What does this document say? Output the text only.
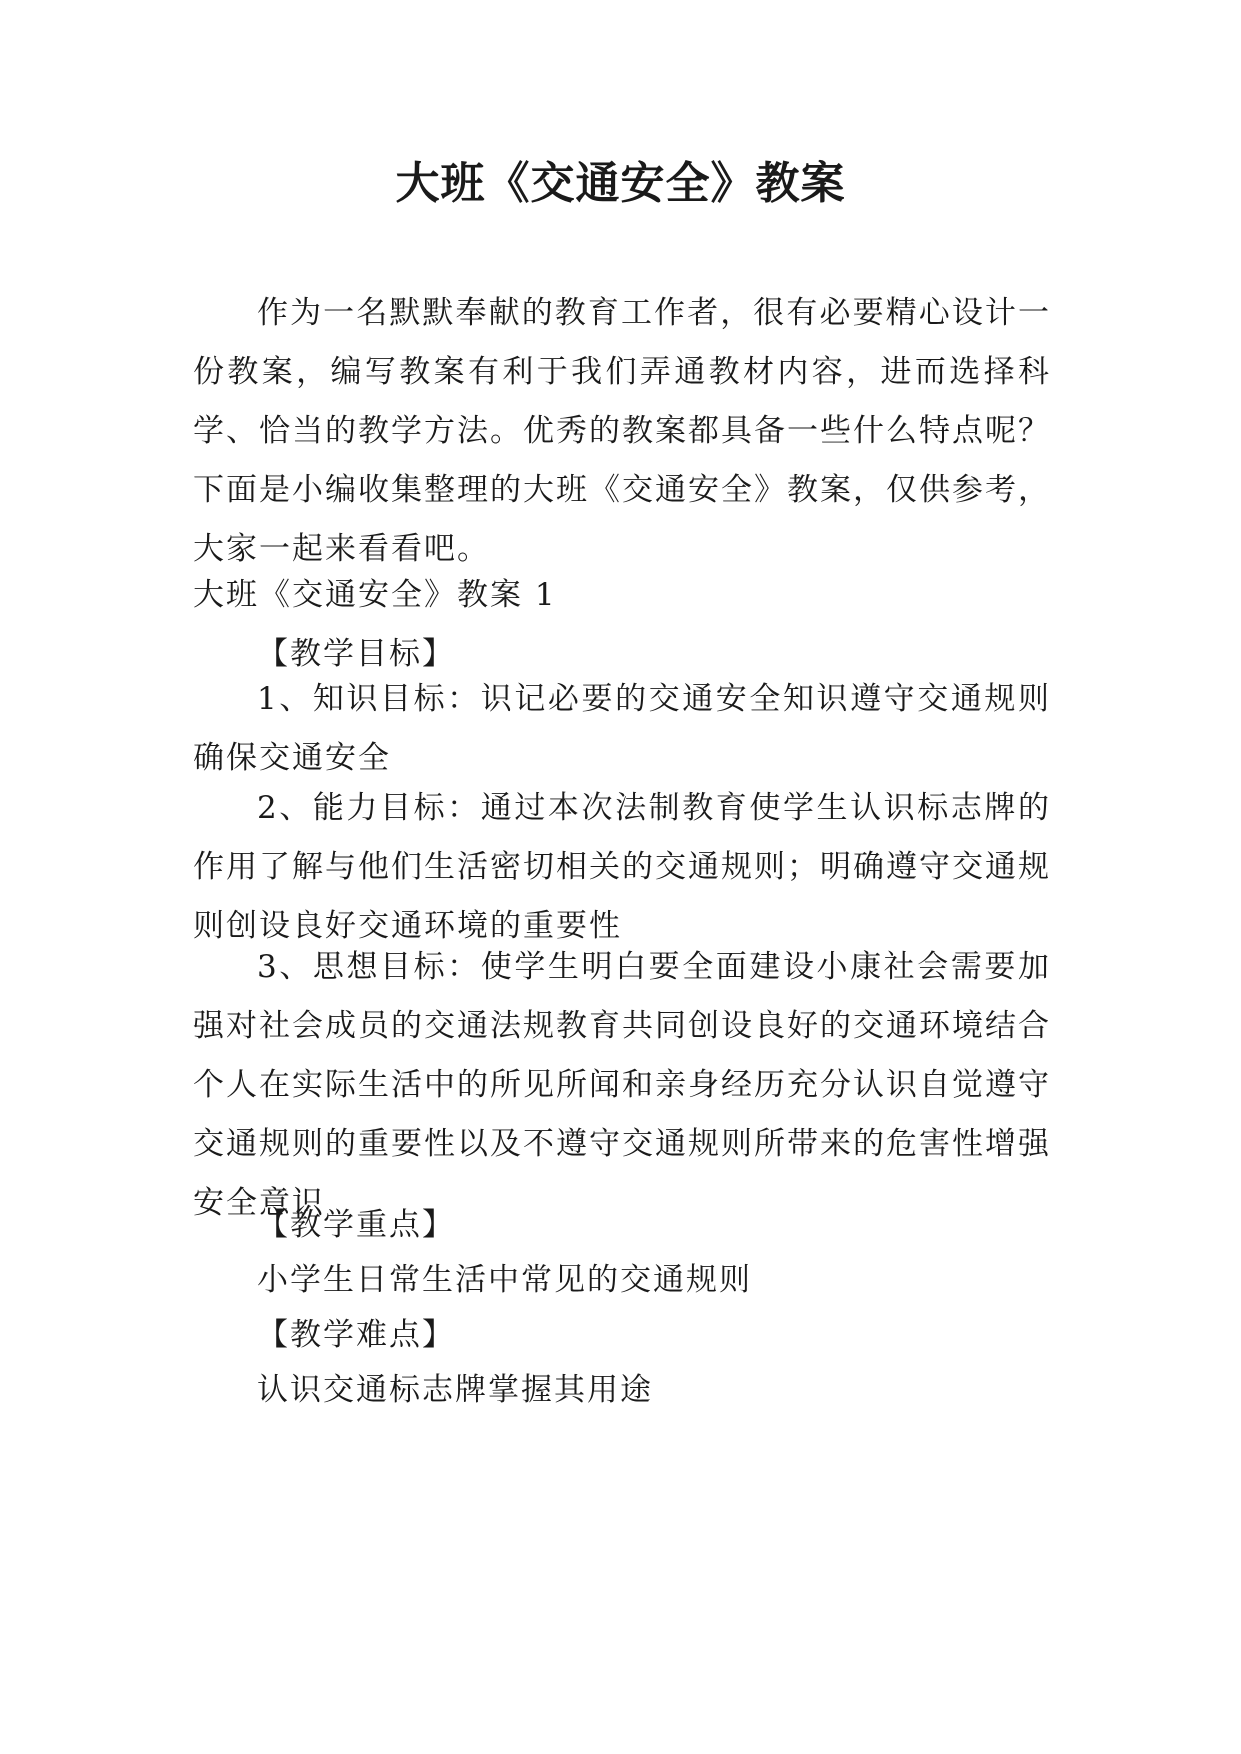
大班《交通安全》教案

作为一名默默奉献的教育工作者，很有必要精心设计一份教案，编写教案有利于我们弄通教材内容，进而选择科学、恰当的教学方法。优秀的教案都具备一些什么特点呢？下面是小编收集整理的大班《交通安全》教案，仅供参考，大家一起来看看吧。

大班《交通安全》教案 1

【教学目标】

1、知识目标：识记必要的交通安全知识遵守交通规则确保交通安全

2、能力目标：通过本次法制教育使学生认识标志牌的作用了解与他们生活密切相关的交通规则；明确遵守交通规则创设良好交通环境的重要性

3、思想目标：使学生明白要全面建设小康社会需要加强对社会成员的交通法规教育共同创设良好的交通环境结合个人在实际生活中的所见所闻和亲身经历充分认识自觉遵守交通规则的重要性以及不遵守交通规则所带来的危害性增强安全意识

【教学重点】

小学生日常生活中常见的交通规则

【教学难点】

认识交通标志牌掌握其用途
